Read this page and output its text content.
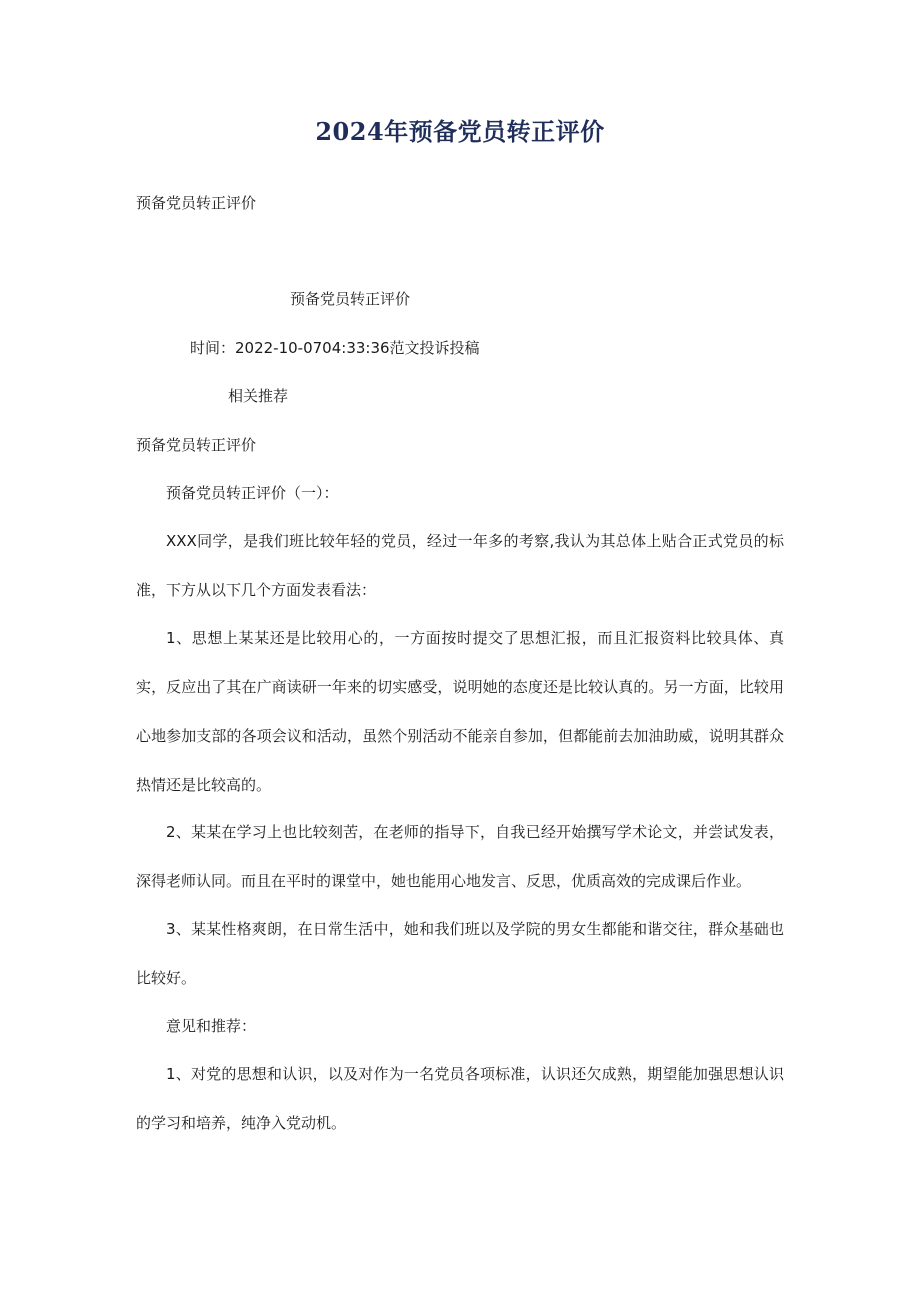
2024年预备党员转正评价
预备党员转正评价
预备党员转正评价
时间：2022-10-0704:33:36范文投诉投稿
相关推荐
预备党员转正评价
预备党员转正评价（一）：

XXX同学，是我们班比较年轻的党员，经过一年多的考察,我认为其总体上贴合正式党员的标准，下方从以下几个方面发表看法：

1、思想上某某还是比较用心的，一方面按时提交了思想汇报，而且汇报资料比较具体、真实，反应出了其在广商读研一年来的切实感受，说明她的态度还是比较认真的。另一方面，比较用心地参加支部的各项会议和活动，虽然个别活动不能亲自参加，但都能前去加油助威，说明其群众热情还是比较高的。

2、某某在学习上也比较刻苦，在老师的指导下，自我已经开始撰写学术论文，并尝试发表，深得老师认同。而且在平时的课堂中，她也能用心地发言、反思，优质高效的完成课后作业。

3、某某性格爽朗，在日常生活中，她和我们班以及学院的男女生都能和谐交往，群众基础也比较好。

意见和推荐：

1、对党的思想和认识，以及对作为一名党员各项标准，认识还欠成熟，期望能加强思想认识的学习和培养，纯净入党动机。
